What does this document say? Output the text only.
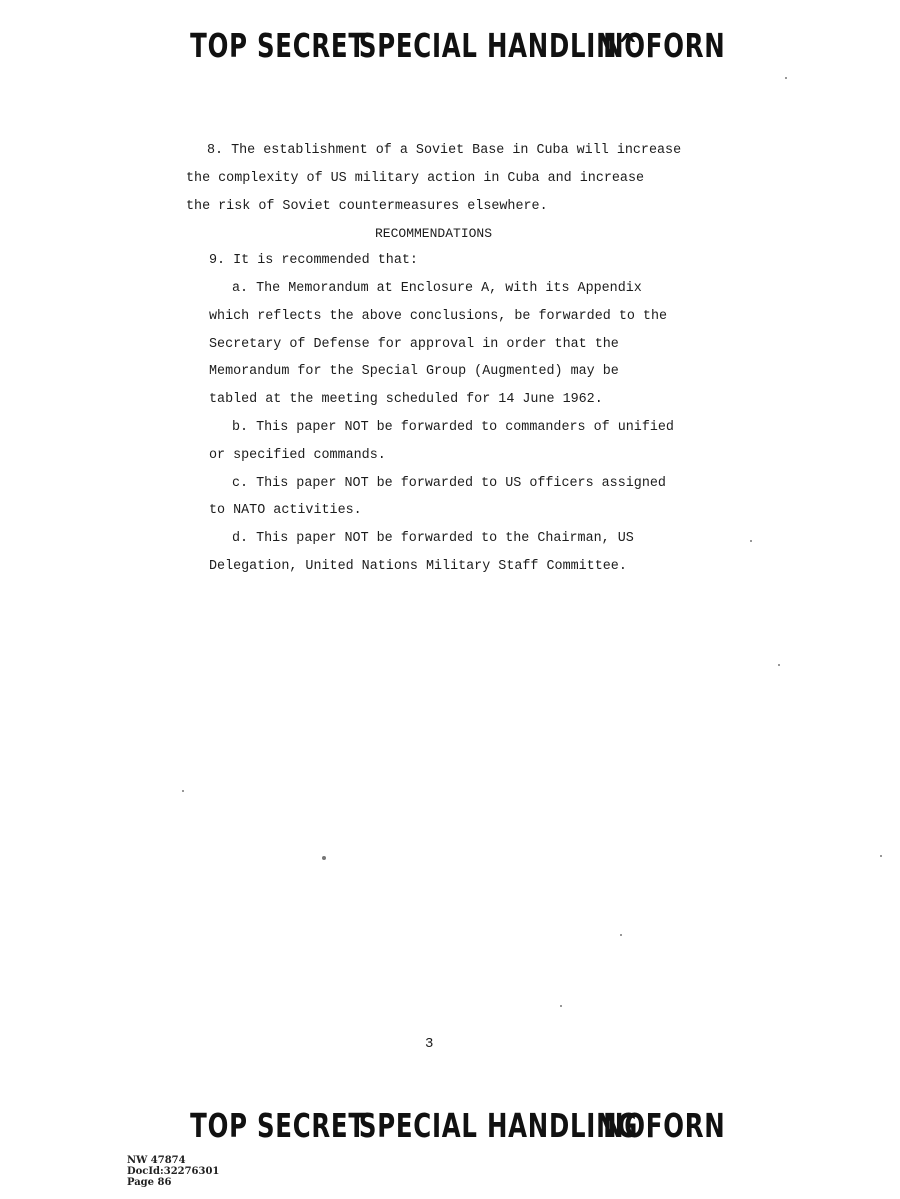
TOP SECRET
SPECIAL HANDLIN^
NOFORN
8. The establishment of a Soviet Base in Cuba will increase
the complexity of US military action in Cuba and increase
the risk of Soviet countermeasures elsewhere.
RECOMMENDATIONS
9. It is recommended that:
a. The Memorandum at Enclosure A, with its Appendix
which reflects the above conclusions, be forwarded to the
Secretary of Defense for approval in order that the
Memorandum for the Special Group (Augmented) may be
tabled at the meeting scheduled for 14 June 1962.
b. This paper NOT be forwarded to commanders of unified
or specified commands.
c. This paper NOT be forwarded to US officers assigned
to NATO activities.
d. This paper NOT be forwarded to the Chairman, US
Delegation, United Nations Military Staff Committee.
3
TOP SECRET
SPECIAL HANDLING
NOFORN

NW 47874
DocId:32276301
Page 86
